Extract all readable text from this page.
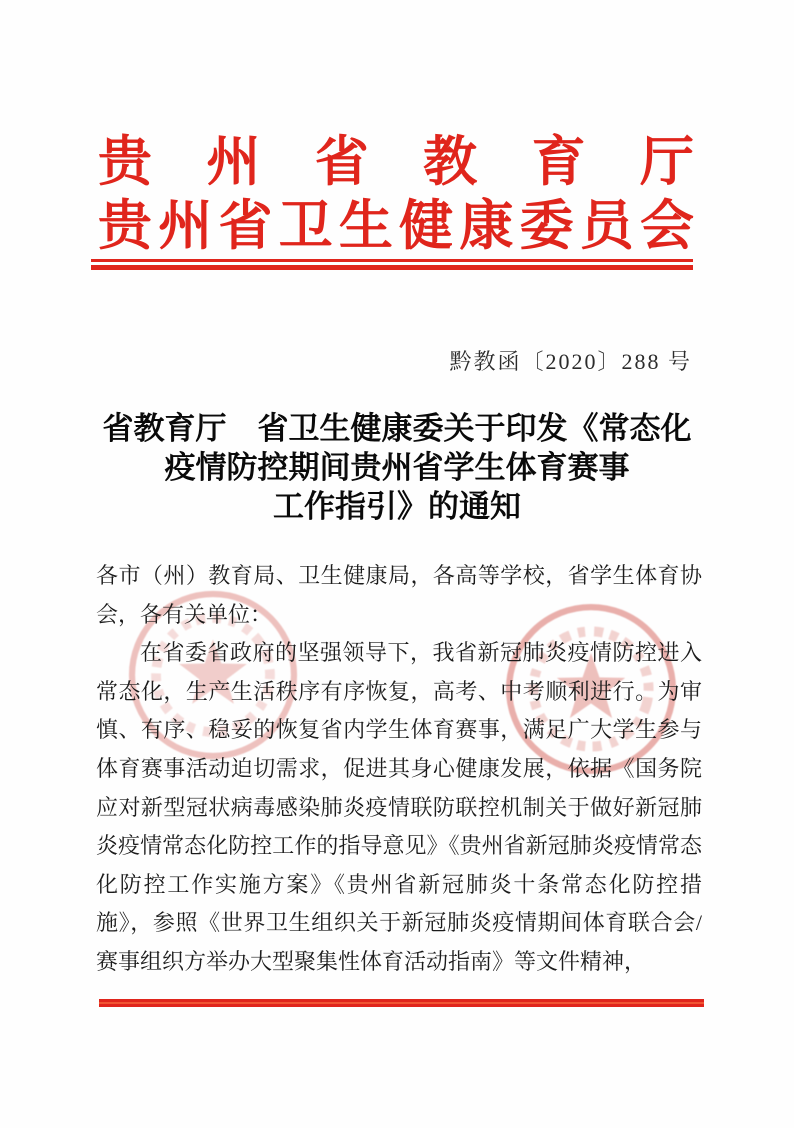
贵 州 省 教 育 厅
贵 州 省 卫 生 健 康 委 员 会
黔教函〔2020〕288 号
省教育厅　省卫生健康委关于印发《常态化
疫情防控期间贵州省学生体育赛事
工作指引》的通知

各市（州）教育局、卫生健康局，各高等学校，省学生体育协会，各有关单位：

在省委省政府的坚强领导下，我省新冠肺炎疫情防控进入常态化，生产生活秩序有序恢复，高考、中考顺利进行。为审慎、有序、稳妥的恢复省内学生体育赛事，满足广大学生参与体育赛事活动迫切需求，促进其身心健康发展，依据《国务院应对新型冠状病毒感染肺炎疫情联防联控机制关于做好新冠肺炎疫情常态化防控工作的指导意见》《贵州省新冠肺炎疫情常态化防控工作实施方案》《贵州省新冠肺炎十条常态化防控措施》，参照《世界卫生组织关于新冠肺炎疫情期间体育联合会/赛事组织方举办大型聚集性体育活动指南》等文件精神，
